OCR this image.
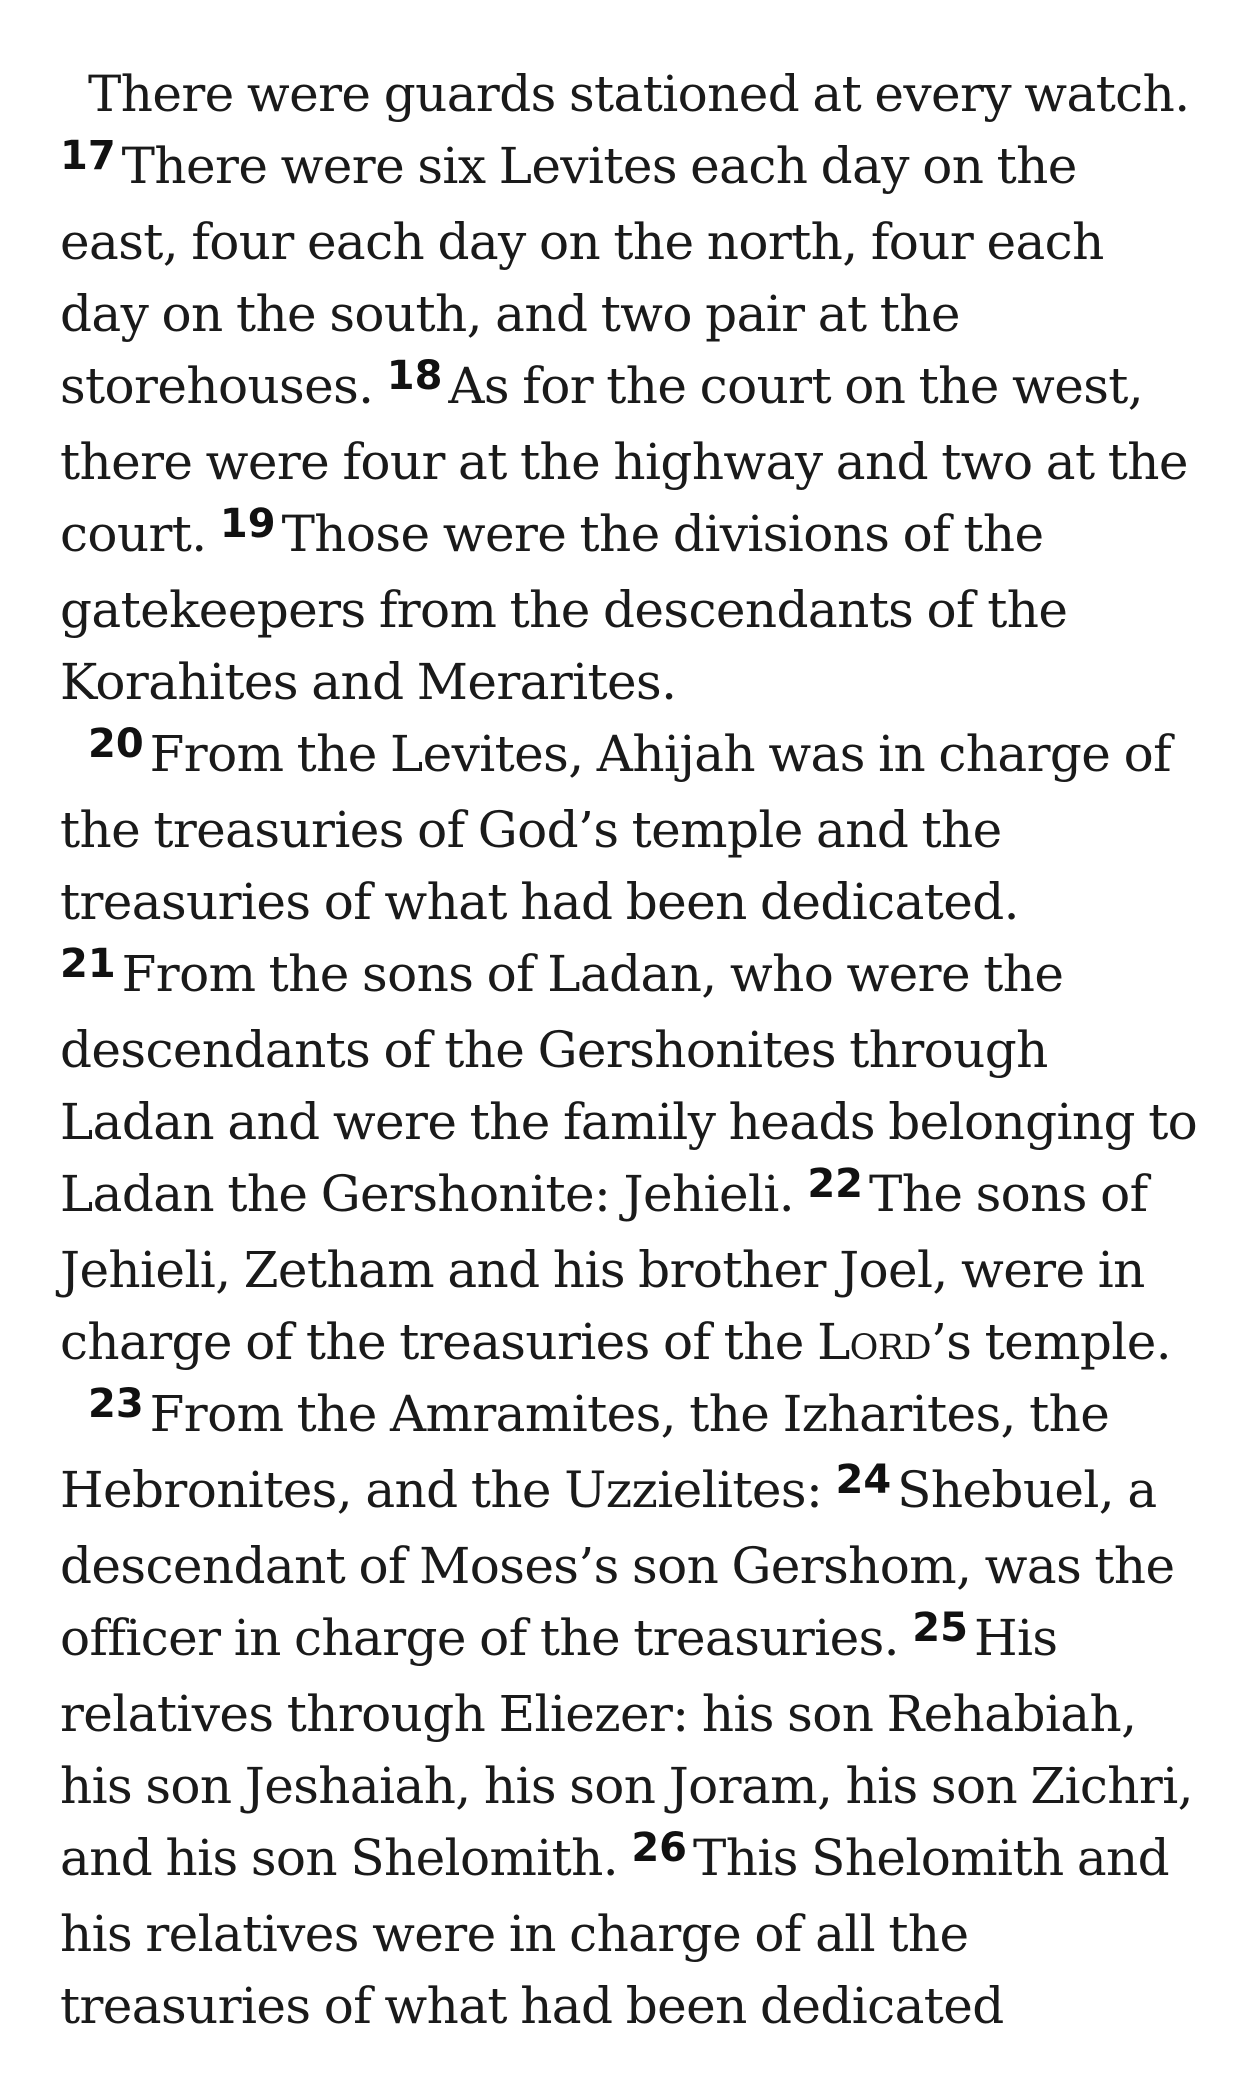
There were guards stationed at every watch. $^{17}$ There were six Levites each day on the east, four each day on the north, four each day on the south, and two pair at the storehouses. $^{18}$ As for the court on the west, there were four at the highway and two at the court. $^{19}$ Those were the divisions of the gatekeepers from the descendants of the Korahites and Merarites.

$^{20}$ From the Levites, Ahijah was in charge of the treasuries of God’s temple and the treasuries of what had been dedicated. $^{21}$ From the sons of Ladan, who were the descendants of the Gershonites through Ladan and were the family heads belonging to Ladan the Gershonite: Jehieli. $^{22}$ The sons of Jehieli, Zetham and his brother Joel, were in charge of the treasuries of the Lord’s temple.

$^{23}$ From the Amramites, the Izharites, the Hebronites, and the Uzzielites: $^{24}$ Shebuel, a descendant of Moses’s son Gershom, was the officer in charge of the treasuries. $^{25}$ His relatives through Eliezer: his son Rehabiah, his son Jeshaiah, his son Joram, his son Zichri, and his son Shelomith. $^{26}$ This Shelomith and his relatives were in charge of all the treasuries of what had been dedicated
